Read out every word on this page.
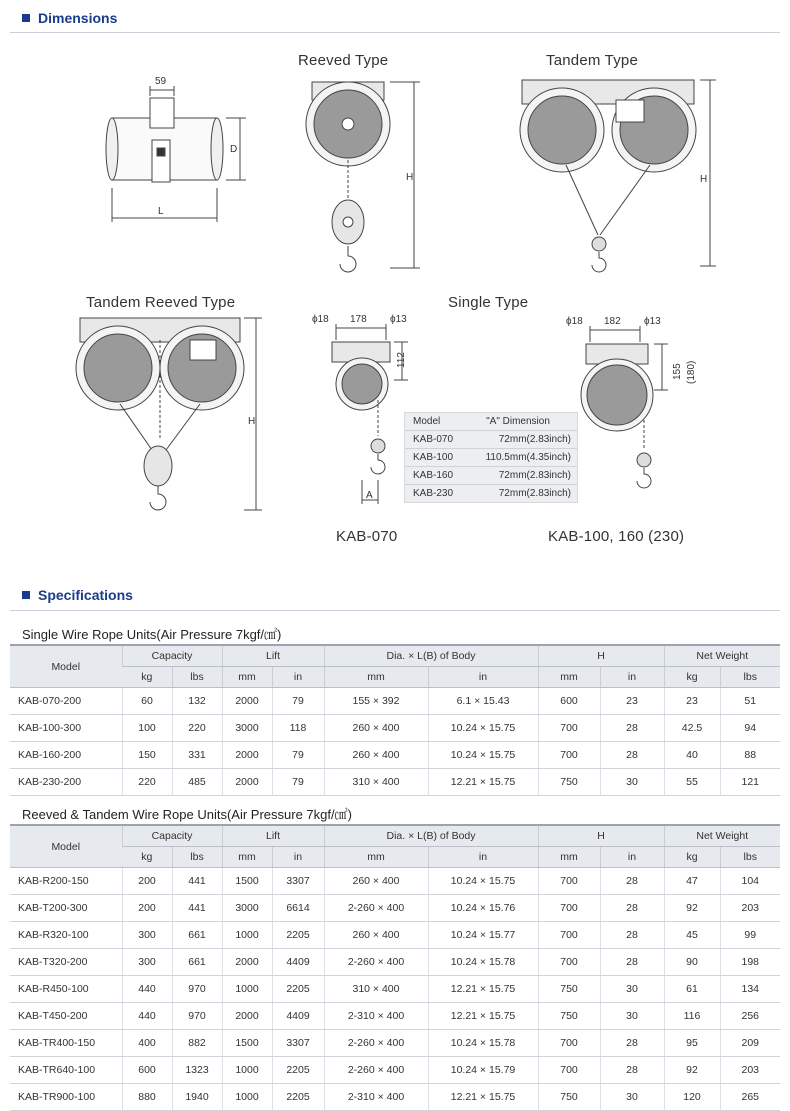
Dimensions
59
D
L
H	H
H
ϕ18 178 ϕ13
112
A
ϕ18 182 ϕ13
155 (180)
Reeved Type	Tandem Type
Tandem Reeved Type	Single Type
KAB-070	KAB-100, 160 (230)
Model	"A" Dimension
KAB-070	72mm(2.83inch)
KAB-100	110.5mm(4.35inch)
KAB-160	72mm(2.83inch)
KAB-230	72mm(2.83inch)
Specifications
Single Wire Rope Units(Air Pressure 7kgf/㎠)
Model	Capacity		Lift		Dia. × L(B) of Body		H		Net Weight	
	kg	lbs	mm	in	mm	in	mm	in	kg	lbs
KAB-070-200	60	132	2000	79	155 × 392	6.1 × 15.43	600	23	23	51
KAB-100-300	100	220	3000	118	260 × 400	10.24 × 15.75	700	28	42.5	94
KAB-160-200	150	331	2000	79	260 × 400	10.24 × 15.75	700	28	40	88
KAB-230-200	220	485	2000	79	310 × 400	12.21 × 15.75	750	30	55	121
Reeved & Tandem Wire Rope Units(Air Pressure 7kgf/㎠)
Model	Capacity		Lift		Dia. × L(B) of Body		H		Net Weight	
	kg	lbs	mm	in	mm	in	mm	in	kg	lbs
KAB-R200-150	200	441	1500	3307	260 × 400	10.24 × 15.75	700	28	47	104
KAB-T200-300	200	441	3000	6614	2-260 × 400	10.24 × 15.76	700	28	92	203
KAB-R320-100	300	661	1000	2205	260 × 400	10.24 × 15.77	700	28	45	99
KAB-T320-200	300	661	2000	4409	2-260 × 400	10.24 × 15.78	700	28	90	198
KAB-R450-100	440	970	1000	2205	310 × 400	12.21 × 15.75	750	30	61	134
KAB-T450-200	440	970	2000	4409	2-310 × 400	12.21 × 15.75	750	30	116	256
KAB-TR400-150	400	882	1500	3307	2-260 × 400	10.24 × 15.78	700	28	95	209
KAB-TR640-100	600	1323	1000	2205	2-260 × 400	10.24 × 15.79	700	28	92	203
KAB-TR900-100	880	1940	1000	2205	2-310 × 400	12.21 × 15.75	750	30	120	265
